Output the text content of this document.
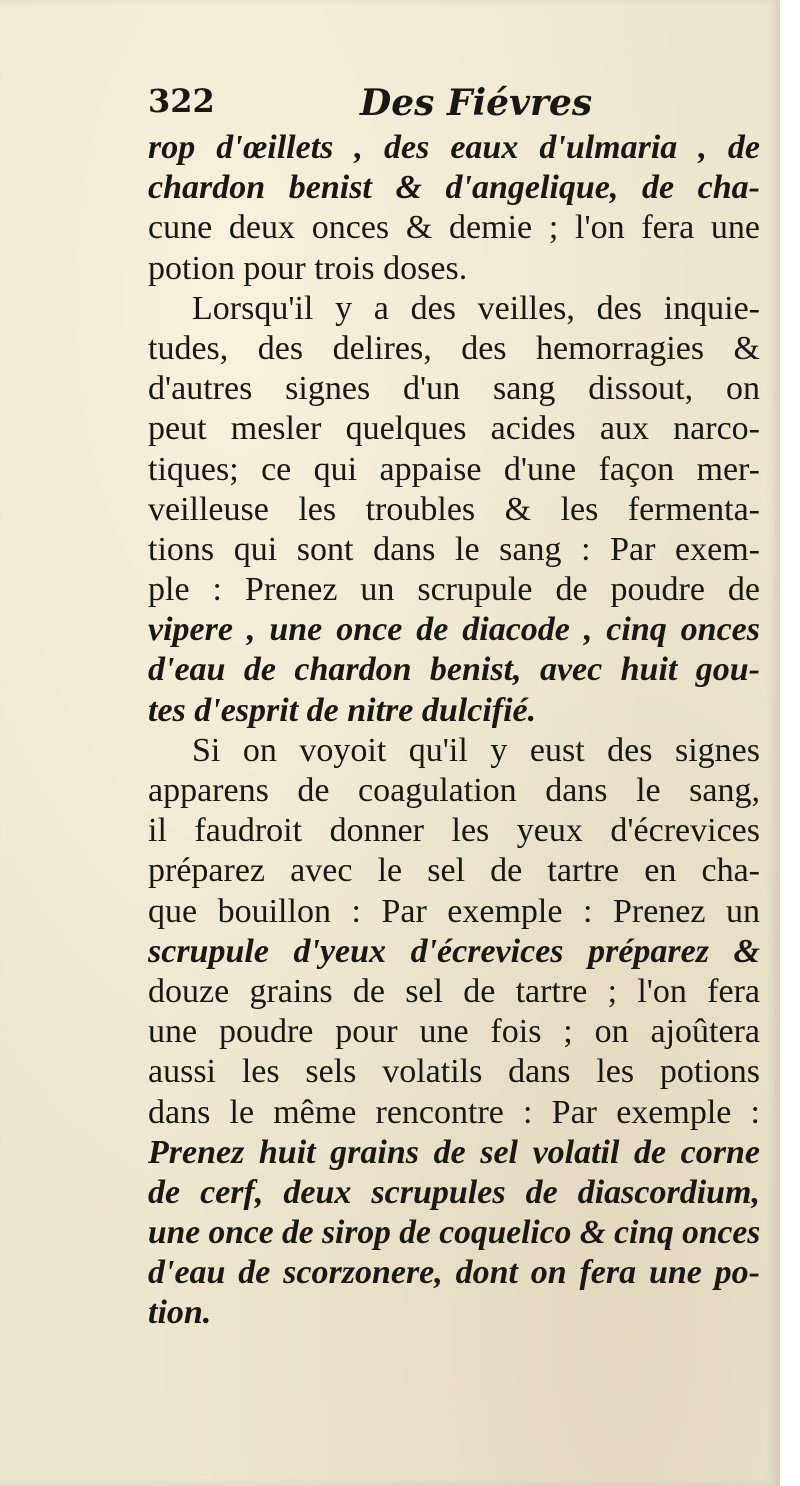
322	Des Fiévres
rop d'œillets , des eaux d'ulmaria , de
chardon benist & d'angelique, de cha-
cune deux onces & demie ; l'on fera une
potion pour trois doses.
Lorsqu'il y a des veilles, des inquie-
tudes, des delires, des hemorragies &
d'autres signes d'un sang dissout, on
peut mesler quelques acides aux narco-
tiques; ce qui appaise d'une façon mer-
veilleuse les troubles & les fermenta-
tions qui sont dans le sang : Par exem-
ple : Prenez un scrupule de poudre de
vipere , une once de diacode , cinq onces
d'eau de chardon benist, avec huit gou-
tes d'esprit de nitre dulcifié.
Si on voyoit qu'il y eust des signes
apparens de coagulation dans le sang,
il faudroit donner les yeux d'écrevices
préparez avec le sel de tartre en cha-
que bouillon : Par exemple : Prenez un
scrupule d'yeux d'écrevices préparez &
douze grains de sel de tartre ; l'on fera
une poudre pour une fois ; on ajoûtera
aussi les sels volatils dans les potions
dans le même rencontre : Par exemple :
Prenez huit grains de sel volatil de corne
de cerf, deux scrupules de diascordium,
une once de sirop de coquelico & cinq onces
d'eau de scorzonere, dont on fera une po-
tion.
